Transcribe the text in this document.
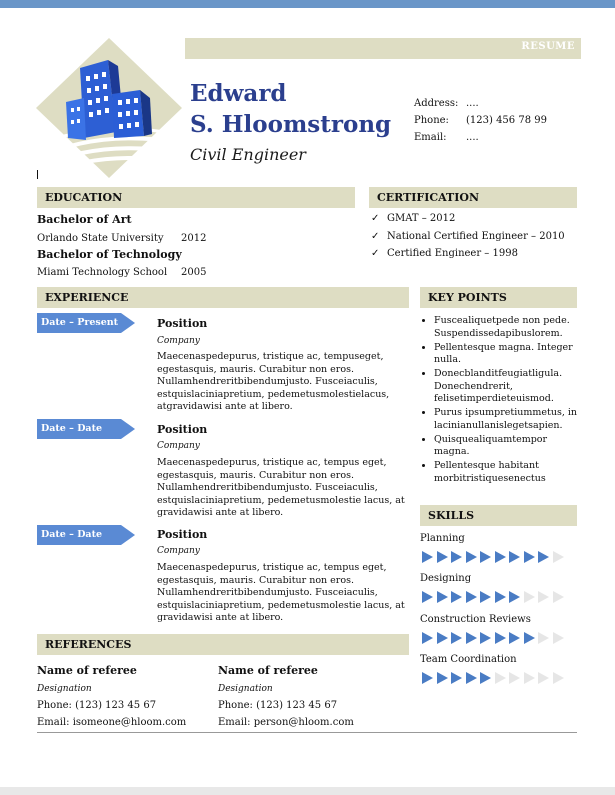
RESUME
Edward
S. Hloomstrong
Civil Engineer
Address: ....
Phone:	(123) 456 78 99
Email:	....
EDUCATION
Bachelor of Art
Orlando State University 2012
Bachelor of Technology
Miami Technology School 2005
CERTIFICATION
✓ GMAT – 2012
✓ National Certified Engineer – 2010
✓ Certified Engineer – 1998
EXPERIENCE
Date – Present	Position
Company
Maecenaspedepurus, tristique ac, tempuseget,
egestasquis, mauris. Curabitur non eros.
Nullamhendreritbibendumjusto. Fusceiaculis,
estquislaciniapretium, pedemetusmolestielacus,
atgravidawisi ante at libero.
Date – Date	Position
Company
Maecenaspedepurus, tristique ac, tempus eget,
egestasquis, mauris. Curabitur non eros.
Nullamhendreritbibendumjusto. Fusceiaculis,
estquislaciniapretium, pedemetusmolestie lacus, at
gravidawisi ante at libero.
Date – Date	Position
Company
Maecenaspedepurus, tristique ac, tempus eget,
egestasquis, mauris. Curabitur non eros.
Nullamhendreritbibendumjusto. Fusceiaculis,
estquislaciniapretium, pedemetusmolestie lacus, at
gravidawisi ante at libero.
KEY POINTS
• Fuscealiquetpede non pede. Suspendissedapibuslorem.
• Pellentesque magna. Integer nulla.
• Donecblanditfeugiatligula. Donechendrerit, felisetimperdieteuismod.
• Purus ipsumpretiummetus, in lacinianullanislegetsapien.
• Quisquealiquamtempor magna.
• Pellentesque habitant morbitristiquesenectus
SKILLS
Planning
Designing
Construction Reviews
Team Coordination
REFERENCES
Name of referee
Designation
Phone: (123) 123 45 67
Email: isomeone@hloom.com
Name of referee
Designation
Phone: (123) 123 45 67
Email: person@hloom.com
